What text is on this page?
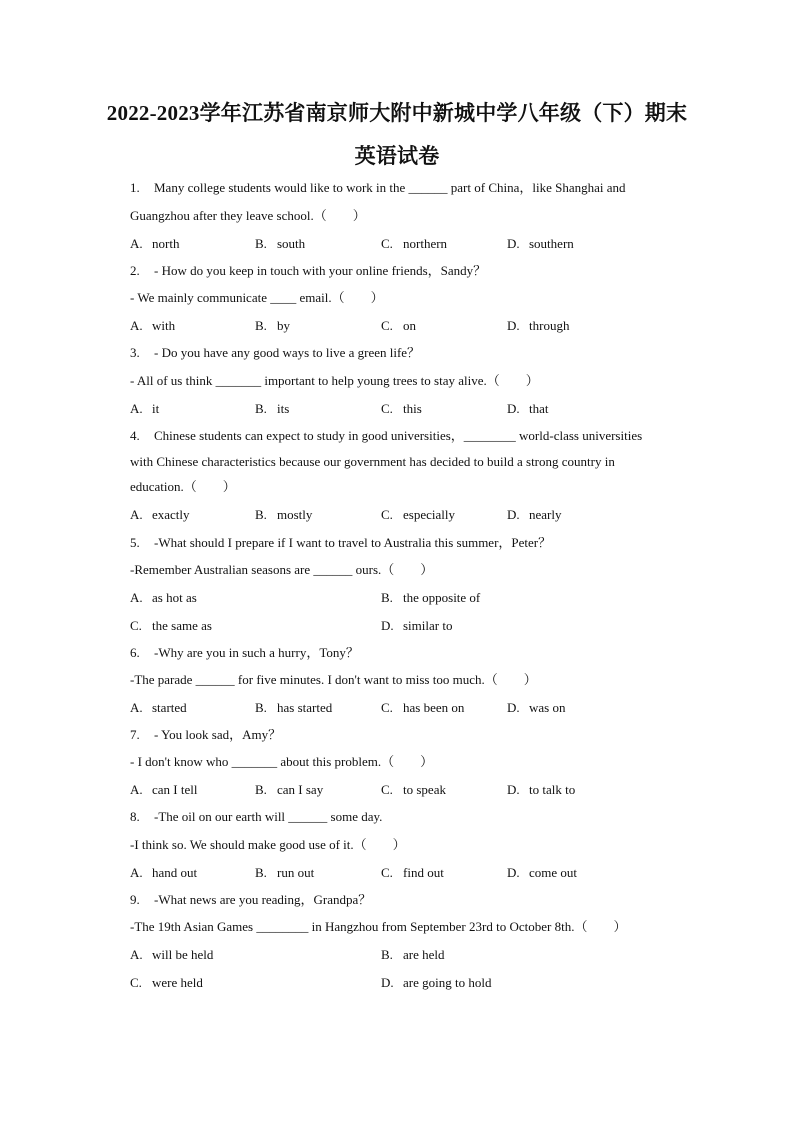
2022-2023学年江苏省南京师大附中新城中学八年级（下）期末
英语试卷
1. Many college students would like to work in the ______ part of China，like Shanghai and
Guangzhou after they leave school.（　　）
A. north	B. south	C. northern	D. southern
2. - How do you keep in touch with your online friends，Sandy？
- We mainly communicate ____ email.（　　）
A. with	B. by	C. on	D. through
3. - Do you have any good ways to live a green life？
- All of us think _______ important to help young trees to stay alive.（　　）
A. it	B. its	C. this	D. that
4. Chinese students can expect to study in good universities，________ world-class universities
with Chinese characteristics because our government has decided to build a strong country in
education.（　　）
A. exactly	B. mostly	C. especially	D. nearly
5. -What should I prepare if I want to travel to Australia this summer，Peter？
-Remember Australian seasons are ______ ours.（　　）
A. as hot as	B. the opposite of
C. the same as	D. similar to
6. -Why are you in such a hurry，Tony？
-The parade ______ for five minutes. I don't want to miss too much.（　　）
A. started	B. has started	C. has been on	D. was on
7. - You look sad，Amy？
- I don't know who _______ about this problem.（　　）
A. can I tell	B. can I say	C. to speak	D. to talk to
8. -The oil on our earth will ______ some day.
-I think so. We should make good use of it.（　　）
A. hand out	B. run out	C. find out	D. come out
9. -What news are you reading，Grandpa？
-The 19th Asian Games ________ in Hangzhou from September 23rd to October 8th.（　　）
A. will be held	B. are held
C. were held	D. are going to hold
